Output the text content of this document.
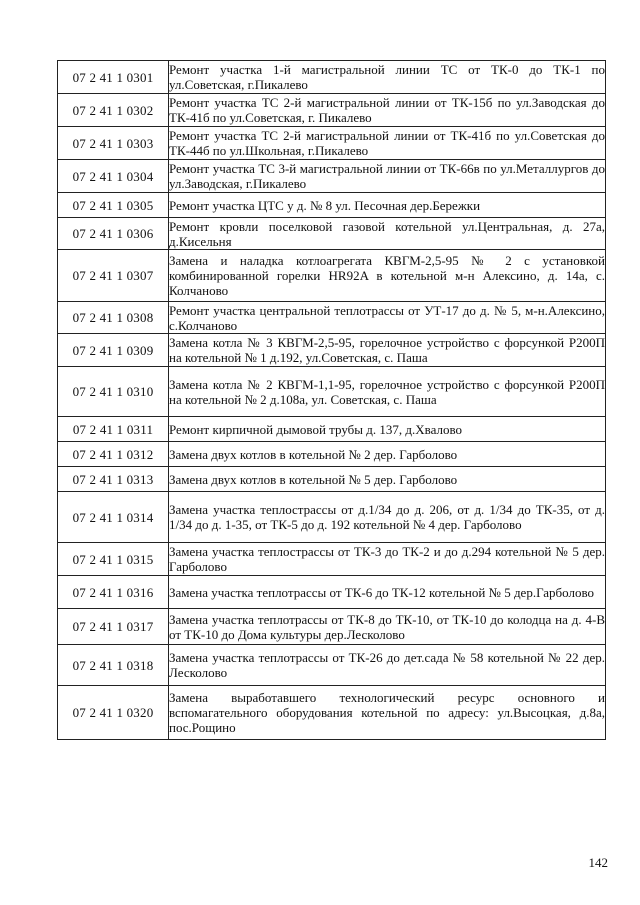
07 2 41 1 0301	Ремонт участка 1-й магистральной линии ТС от ТК-0 до ТК-1 по ул.Советская, г.Пикалево
07 2 41 1 0302	Ремонт участка ТС 2-й магистральной линии от ТК-15б по ул.Заводская до ТК-41б по ул.Советская, г. Пикалево
07 2 41 1 0303	Ремонт участка ТС 2-й магистральной линии от ТК-41б по ул.Советская до ТК-44б по ул.Школьная, г.Пикалево
07 2 41 1 0304	Ремонт участка ТС 3-й магистральной линии от ТК-66в по ул.Металлургов до ул.Заводская, г.Пикалево
07 2 41 1 0305	Ремонт участка ЦТС у д. № 8 ул. Песочная дер.Бережки
07 2 41 1 0306	Ремонт кровли поселковой газовой котельной ул.Центральная, д. 27а, д.Кисельня
07 2 41 1 0307	Замена и наладка котлоагрегата КВГМ-2,5-95 № 2 с установкой комбинированной горелки HR92A в котельной м-н Алексино, д. 14а, с. Колчаново
07 2 41 1 0308	Ремонт участка центральной теплотрассы от УТ-17 до д. № 5, м-н.Алексино, с.Колчаново
07 2 41 1 0309	Замена котла № 3 КВГМ-2,5-95, горелочное устройство с форсункой Р200П на котельной № 1 д.192, ул.Советская, с. Паша
07 2 41 1 0310	Замена котла № 2 КВГМ-1,1-95, горелочное устройство с форсункой Р200П на котельной № 2 д.108а, ул. Советская, с. Паша
07 2 41 1 0311	Ремонт кирпичной дымовой трубы д. 137, д.Хвалово
07 2 41 1 0312	Замена двух котлов в котельной № 2 дер. Гарболово
07 2 41 1 0313	Замена двух котлов в котельной № 5 дер. Гарболово
07 2 41 1 0314	Замена участка теплострассы от д.1/34 до д. 206, от д. 1/34 до ТК-35, от д. 1/34 до д. 1-35, от ТК-5 до д. 192 котельной № 4 дер. Гарболово
07 2 41 1 0315	Замена участка теплострассы от ТК-3 до ТК-2 и до д.294 котельной № 5 дер. Гарболово
07 2 41 1 0316	Замена участка теплотрассы от ТК-6 до ТК-12 котельной № 5 дер.Гарболово
07 2 41 1 0317	Замена участка теплотрассы от ТК-8 до ТК-10, от ТК-10 до колодца на д. 4-В от ТК-10 до Дома культуры дер.Лесколово
07 2 41 1 0318	Замена участка теплотрассы от ТК-26 до дет.сада № 58 котельной № 22 дер. Лесколово
07 2 41 1 0320	Замена выработавшего технологический ресурс основного и вспомагательного оборудования котельной по адресу: ул.Высоцкая, д.8а, пос.Рощино
142
